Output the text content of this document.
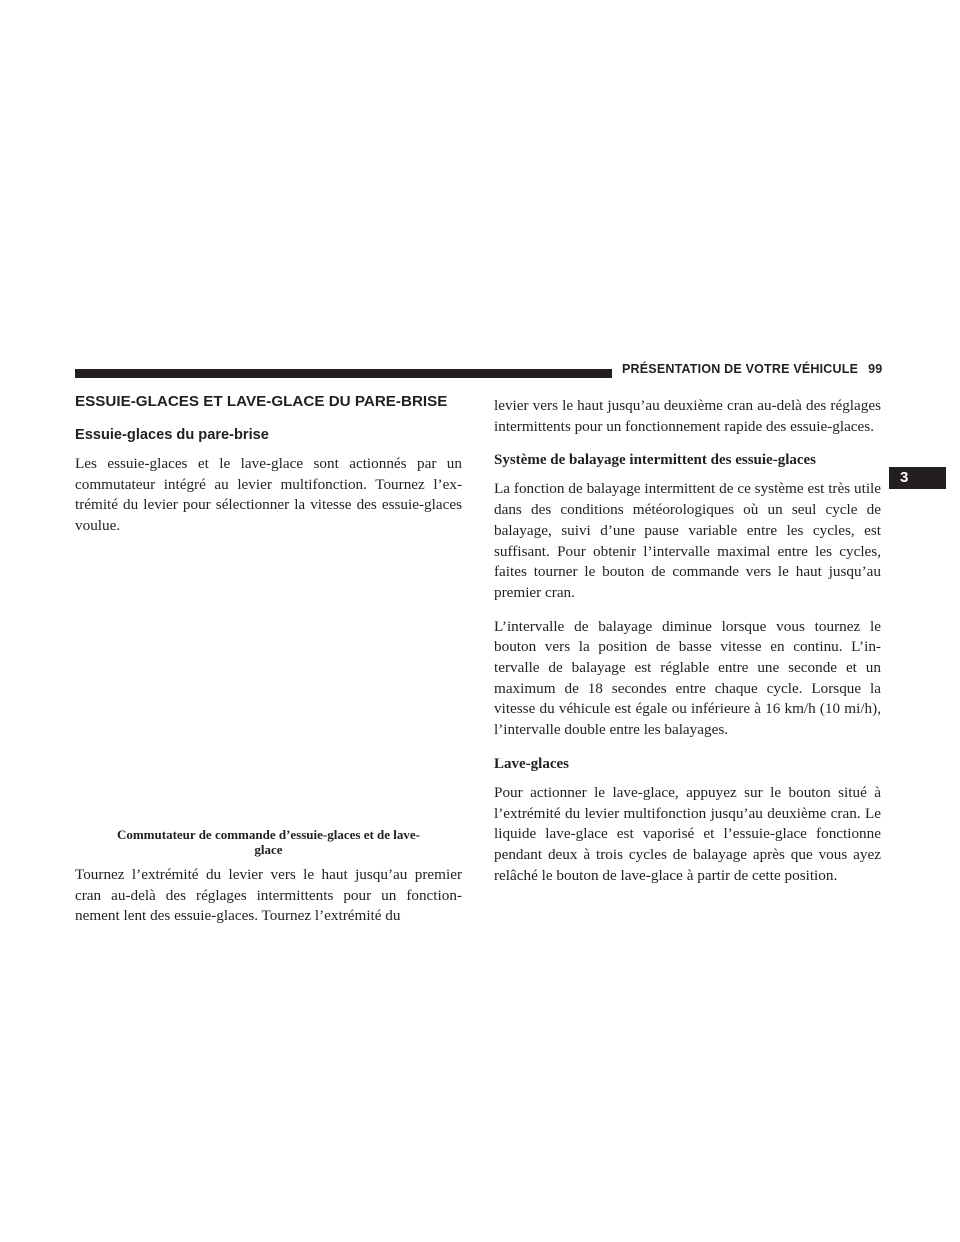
PRÉSENTATION DE VOTRE VÉHICULE 99
3
ESSUIE-GLACES ET LAVE-GLACE DU PARE-BRISE
Essuie-glaces du pare-brise

Les essuie-glaces et le lave-glace sont actionnés par un commutateur intégré au levier multifonction. Tournez l’ex-trémité du levier pour sélectionner la vitesse des essuie-glaces voulue.

Commutateur de commande d’essuie-glaces et de lave-glace

Tournez l’extrémité du levier vers le haut jusqu’au premier cran au-delà des réglages intermittents pour un fonction-nement lent des essuie-glaces. Tournez l’extrémité du

levier vers le haut jusqu’au deuxième cran au-delà des réglages intermittents pour un fonctionnement rapide des essuie-glaces.

Système de balayage intermittent des essuie-glaces

La fonction de balayage intermittent de ce système est très utile dans des conditions météorologiques où un seul cycle de balayage, suivi d’une pause variable entre les cycles, est suffisant. Pour obtenir l’intervalle maximal entre les cycles, faites tourner le bouton de commande vers le haut jusqu’au premier cran.

L’intervalle de balayage diminue lorsque vous tournez le bouton vers la position de basse vitesse en continu. L’in-tervalle de balayage est réglable entre une seconde et un maximum de 18 secondes entre chaque cycle. Lorsque la vitesse du véhicule est égale ou inférieure à 16 km/h (10 mi/h), l’intervalle double entre les balayages.

Lave-glaces

Pour actionner le lave-glace, appuyez sur le bouton situé à l’extrémité du levier multifonction jusqu’au deuxième cran. Le liquide lave-glace est vaporisé et l’essuie-glace fonctionne pendant deux à trois cycles de balayage après que vous ayez relâché le bouton de lave-glace à partir de cette position.
